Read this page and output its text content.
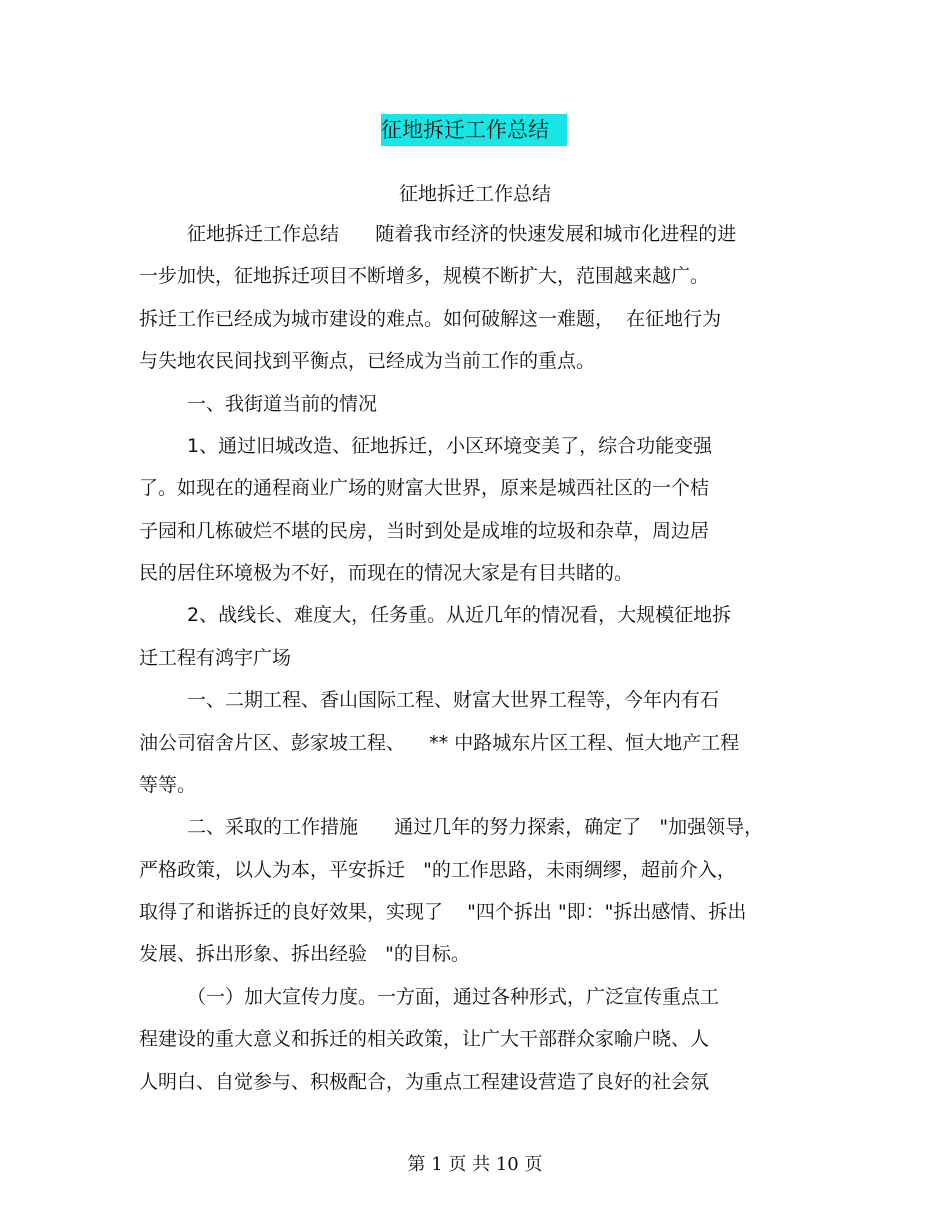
征地拆迁工作总结
征地拆迁工作总结
征地拆迁工作总结      随着我市经济的快速发展和城市化进程的进
一步加快，征地拆迁项目不断增多，规模不断扩大，范围越来越广。
拆迁工作已经成为城市建设的难点。如何破解这一难题，  在征地行为
与失地农民间找到平衡点，已经成为当前工作的重点。
一、我街道当前的情况
1、通过旧城改造、征地拆迁，小区环境变美了，综合功能变强
了。如现在的通程商业广场的财富大世界，原来是城西社区的一个桔
子园和几栋破烂不堪的民房，当时到处是成堆的垃圾和杂草，周边居
民的居住环境极为不好，而现在的情况大家是有目共睹的。
2、战线长、难度大，任务重。从近几年的情况看，大规模征地拆
迁工程有鸿宇广场
一、二期工程、香山国际工程、财富大世界工程等，今年内有石
油公司宿舍片区、彭家坡工程、    ** 中路城东片区工程、恒大地产工程
等等。
二、采取的工作措施      通过几年的努力探索，确定了   "加强领导，
严格政策，以人为本，平安拆迁   "的工作思路，未雨绸缪，超前介入，
取得了和谐拆迁的良好效果，实现了    "四个拆出 "即："拆出感情、拆出
发展、拆出形象、拆出经验   "的目标。
（一）加大宣传力度。一方面，通过各种形式，广泛宣传重点工
程建设的重大意义和拆迁的相关政策，让广大干部群众家喻户晓、人
人明白、自觉参与、积极配合，为重点工程建设营造了良好的社会氛
第 1 页 共 10 页
